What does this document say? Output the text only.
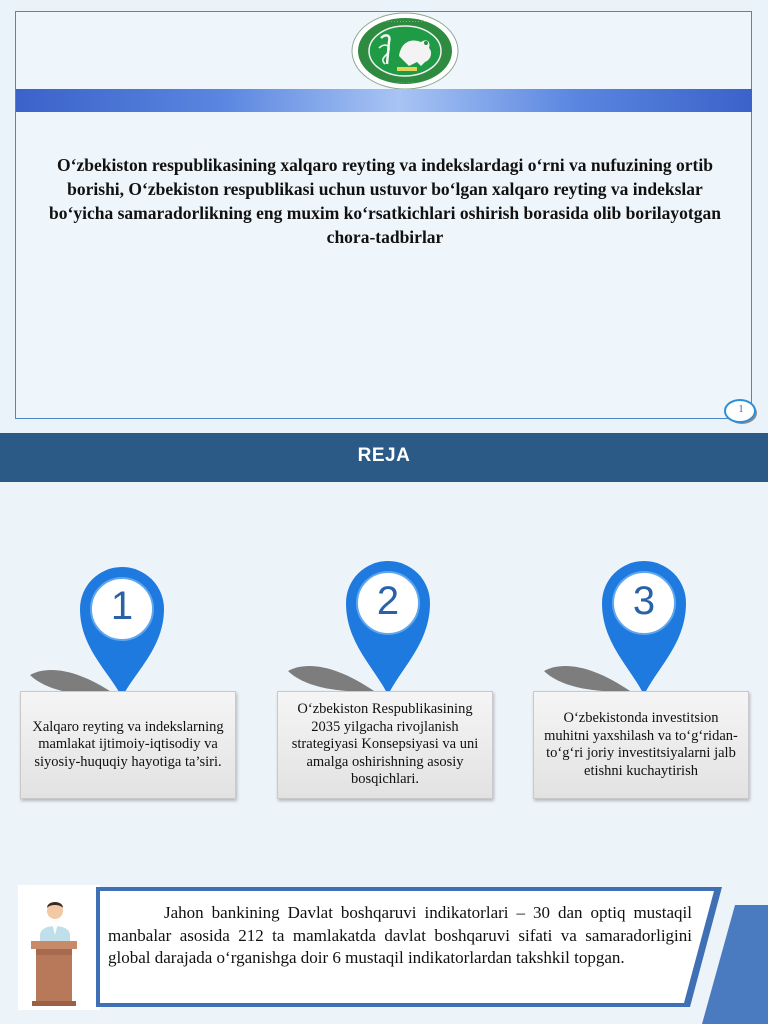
· · · · · · · · · · · · · ·
· · · · · · · ·
O‘zbekiston respublikasining xalqaro reyting va indekslardagi o‘rni va nufuzining ortib borishi, O‘zbekiston respublikasi uchun ustuvor bo‘lgan xalqaro reyting va indekslar bo‘yicha samaradorlikning eng muxim ko‘rsatkichlari oshirish borasida olib borilayotgan chora-tadbirlar
1
REJA
1
Xalqaro reyting va indekslarning mamlakat ijtimoiy-iqtisodiy va siyosiy-huquqiy hayotiga ta’siri.
2
O‘zbekiston Respublikasining 2035 yilgacha rivojlanish strategiyasi Konsepsiyasi va uni amalga oshirishning asosiy bosqichlari.
3
O‘zbekistonda investitsion muhitni yaxshilash va to‘g‘ridan-to‘g‘ri joriy investitsiyalarni jalb etishni kuchaytirish
Jahon bankining Davlat boshqaruvi indikatorlari – 30 dan optiq mustaqil manbalar asosida 212 ta mamlakatda davlat boshqaruvi sifati va samaradorligini global darajada o‘rganishga doir 6 mustaqil indikatorlardan takshkil topgan.
